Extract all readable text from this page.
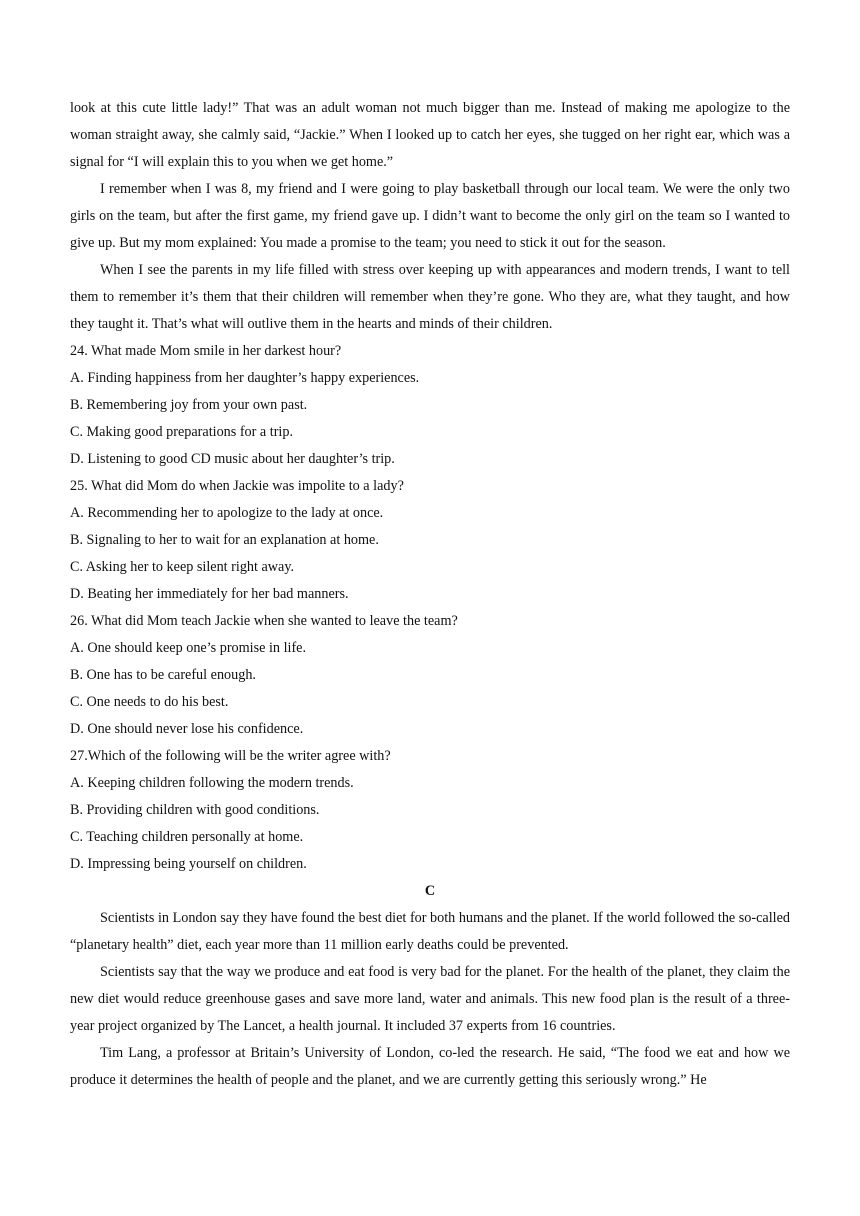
look at this cute little lady!” That was an adult woman not much bigger than me. Instead of making me apologize to the woman straight away, she calmly said, “Jackie.” When I looked up to catch her eyes, she tugged on her right ear, which was a signal for “I will explain this to you when we get home.”

I remember when I was 8, my friend and I were going to play basketball through our local team. We were the only two girls on the team, but after the first game, my friend gave up. I didn’t want to become the only girl on the team so I wanted to give up. But my mom explained: You made a promise to the team; you need to stick it out for the season.

When I see the parents in my life filled with stress over keeping up with appearances and modern trends, I want to tell them to remember it’s them that their children will remember when they’re gone. Who they are, what they taught, and how they taught it. That’s what will outlive them in the hearts and minds of their children.

24. What made Mom smile in her darkest hour?

A. Finding happiness from her daughter’s happy experiences.

B. Remembering joy from your own past.

C. Making good preparations for a trip.

D. Listening to good CD music about her daughter’s trip.

25. What did Mom do when Jackie was impolite to a lady?

A. Recommending her to apologize to the lady at once.

B. Signaling to her to wait for an explanation at home.

C. Asking her to keep silent right away.

D. Beating her immediately for her bad manners.

26. What did Mom teach Jackie when she wanted to leave the team?

A. One should keep one’s promise in life.

B. One has to be careful enough.

C. One needs to do his best.

D. One should never lose his confidence.

27.Which of the following will be the writer agree with?

A. Keeping children following the modern trends.

B. Providing children with good conditions.

C. Teaching children personally at home.

D. Impressing being yourself on children.

C

Scientists in London say they have found the best diet for both humans and the planet. If the world followed the so-called “planetary health” diet, each year more than 11 million early deaths could be prevented.

Scientists say that the way we produce and eat food is very bad for the planet. For the health of the planet, they claim the new diet would reduce greenhouse gases and save more land, water and animals. This new food plan is the result of a three-year project organized by The Lancet, a health journal. It included 37 experts from 16 countries.

Tim Lang, a professor at Britain’s University of London, co-led the research. He said, “The food we eat and how we produce it determines the health of people and the planet, and we are currently getting this seriously wrong.” He
